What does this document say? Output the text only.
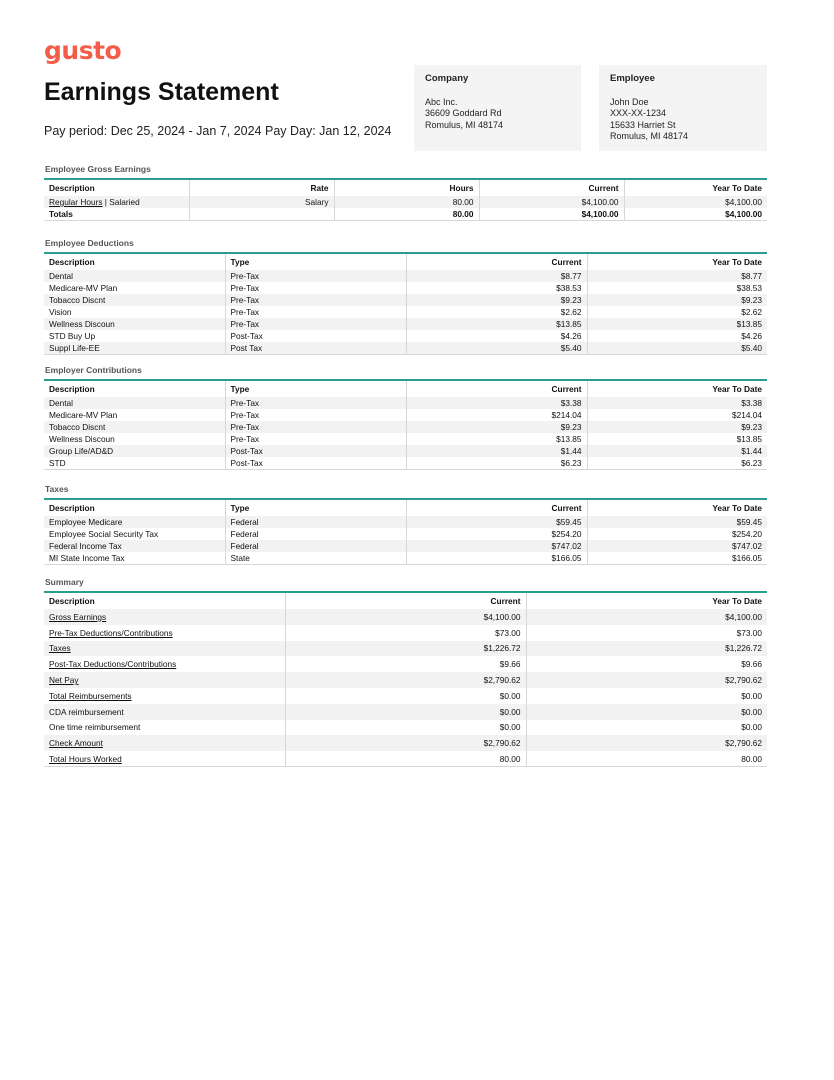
gusto
Earnings Statement
Pay period: Dec 25, 2024 - Jan 7, 2024 Pay Day: Jan 12, 2024
Company
Abc Inc.
36609 Goddard Rd
Romulus, MI 48174
Employee
John Doe
XXX-XX-1234
15633 Harriet St
Romulus, MI 48174
Employee Gross Earnings
Description	Rate	Hours	Current	Year To Date
Regular Hours | Salaried	Salary	80.00	$4,100.00	$4,100.00
Totals		80.00	$4,100.00	$4,100.00
Employee Deductions
Description	Type	Current	Year To Date
Dental	Pre-Tax	$8.77	$8.77
Medicare-MV Plan	Pre-Tax	$38.53	$38.53
Tobacco Discnt	Pre-Tax	$9.23	$9.23
Vision	Pre-Tax	$2.62	$2.62
Wellness Discoun	Pre-Tax	$13.85	$13.85
STD Buy Up	Post-Tax	$4.26	$4.26
Suppl Life-EE	Post Tax	$5.40	$5.40
Employer Contributions
Description	Type	Current	Year To Date
Dental	Pre-Tax	$3.38	$3.38
Medicare-MV Plan	Pre-Tax	$214.04	$214.04
Tobacco Discnt	Pre-Tax	$9.23	$9.23
Wellness Discoun	Pre-Tax	$13.85	$13.85
Group Life/AD&D	Post-Tax	$1.44	$1.44
STD	Post-Tax	$6.23	$6.23
Taxes
Description	Type	Current	Year To Date
Employee Medicare	Federal	$59.45	$59.45
Employee Social Security Tax	Federal	$254.20	$254.20
Federal Income Tax	Federal	$747.02	$747.02
MI State Income Tax	State	$166.05	$166.05
Summary
Description	Current	Year To Date
Gross Earnings	$4,100.00	$4,100.00
Pre-Tax Deductions/Contributions	$73.00	$73.00
Taxes	$1,226.72	$1,226.72
Post-Tax Deductions/Contributions	$9.66	$9.66
Net Pay	$2,790.62	$2,790.62
Total Reimbursements	$0.00	$0.00
CDA reimbursement	$0.00	$0.00
One time reimbursement	$0.00	$0.00
Check Amount	$2,790.62	$2,790.62
Total Hours Worked	80.00	80.00
